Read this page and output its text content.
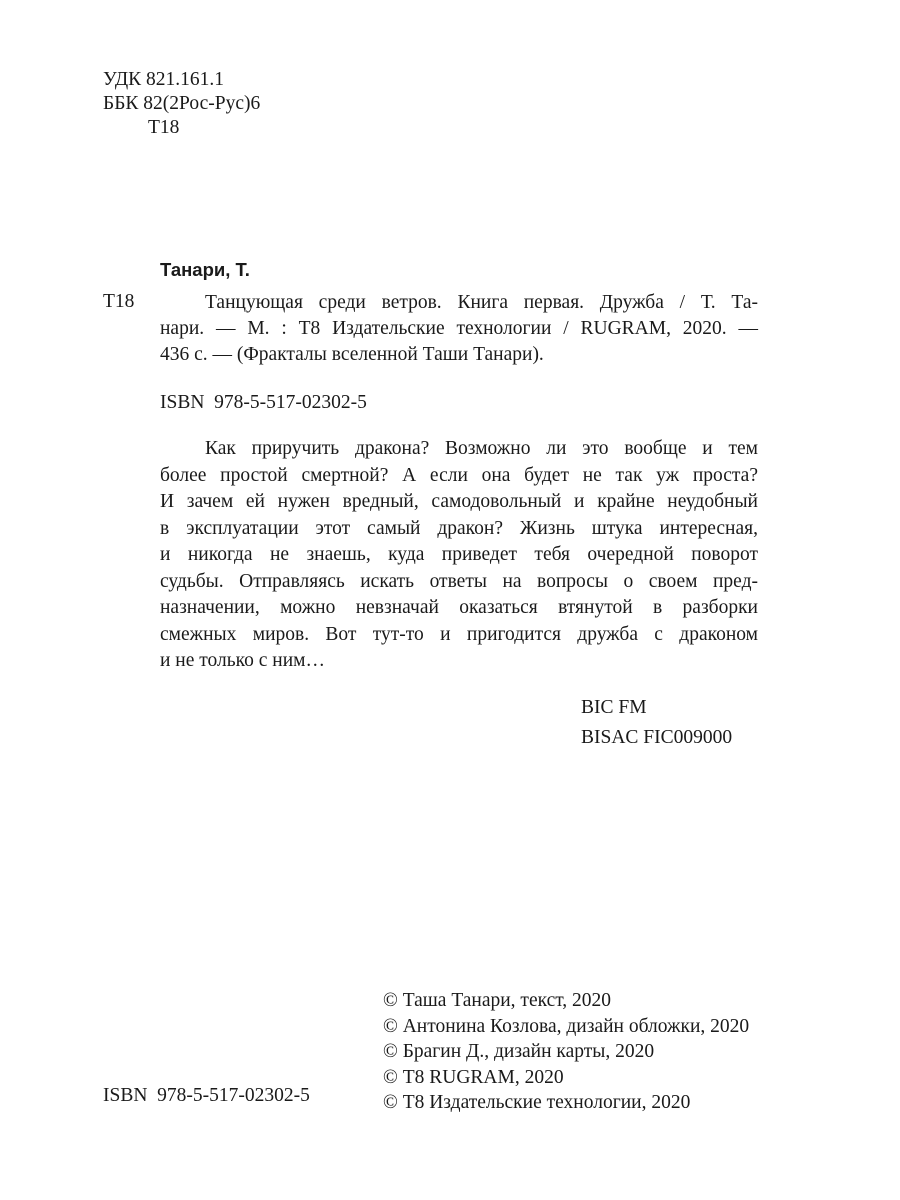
УДК 821.161.1
ББК 82(2Рос-Рус)6
Т18
Т18
Танари, Т.
Танцующая среди ветров. Книга первая. Дружба / Т. Та-
нари. — М. : Т8 Издательские технологии / RUGRAM, 2020. —
436 с. — (Фракталы вселенной Таши Танари).
ISBN  978-5-517-02302-5
Как приручить дракона? Возможно ли это вообще и тем
более простой смертной? А если она будет не так уж проста?
И зачем ей нужен вредный, самодовольный и крайне неудобный
в эксплуатации этот самый дракон? Жизнь штука интересная,
и никогда не знаешь, куда приведет тебя очередной поворот
судьбы. Отправляясь искать ответы на вопросы о своем пред-
назначении, можно невзначай оказаться втянутой в разборки
смежных миров. Вот тут-то и пригодится дружба с драконом
и не только с ним…
BIC FM
BISAC FIC009000
© Таша Танари, текст, 2020
© Антонина Козлова, дизайн обложки, 2020
© Брагин Д., дизайн карты, 2020
© Т8 RUGRAM, 2020
© Т8 Издательские технологии, 2020
ISBN  978-5-517-02302-5
